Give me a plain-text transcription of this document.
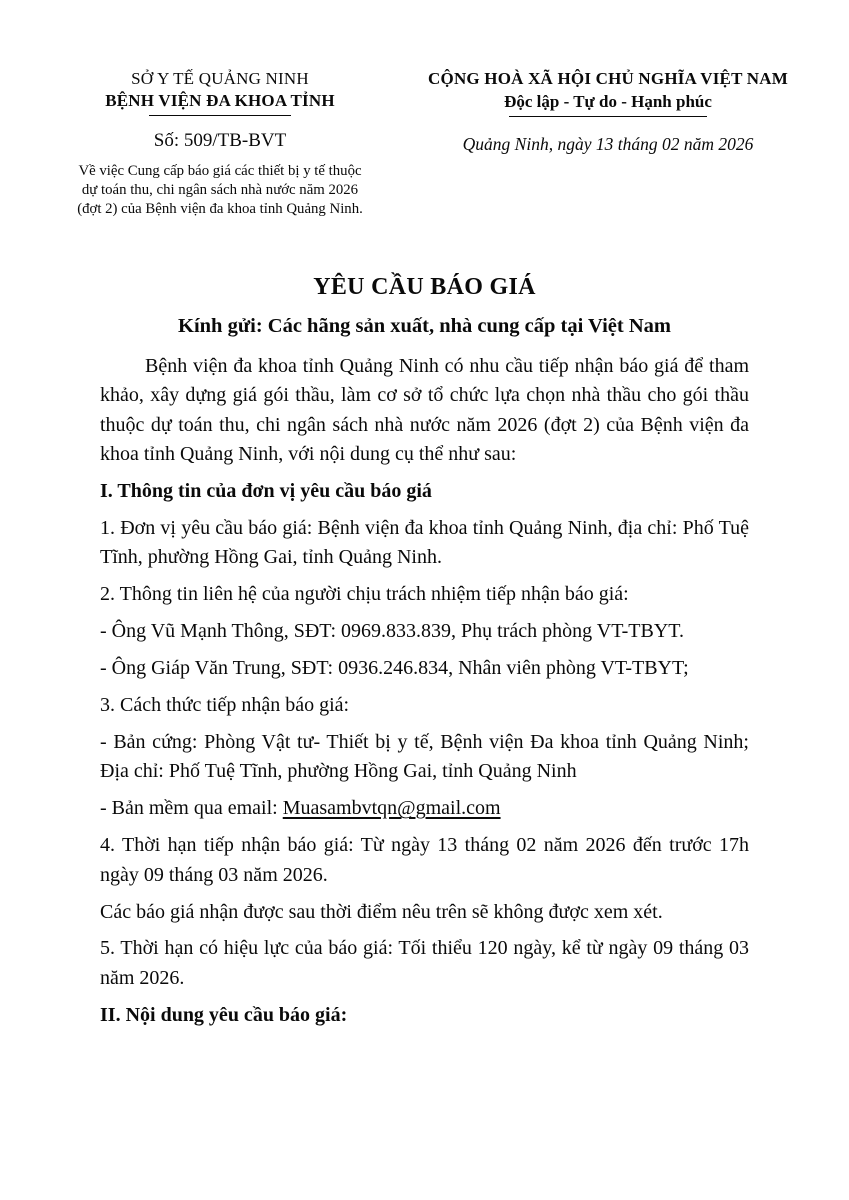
SỞ Y TẾ QUẢNG NINH
BỆNH VIỆN ĐA KHOA TỈNH
Số: 509/TB-BVT
Về việc Cung cấp báo giá các thiết bị y tế thuộc
dự toán thu, chi ngân sách nhà nước năm 2026
(đợt 2) của Bệnh viện đa khoa tỉnh Quảng Ninh.
CỘNG HOÀ XÃ HỘI CHỦ NGHĨA VIỆT NAM
Độc lập - Tự do - Hạnh phúc
Quảng Ninh, ngày 13 tháng 02 năm 2026
YÊU CẦU BÁO GIÁ
Kính gửi: Các hãng sản xuất, nhà cung cấp tại Việt Nam

Bệnh viện đa khoa tỉnh Quảng Ninh có nhu cầu tiếp nhận báo giá để tham khảo, xây dựng giá gói thầu, làm cơ sở tổ chức lựa chọn nhà thầu cho gói thầu thuộc dự toán thu, chi ngân sách nhà nước năm 2026 (đợt 2) của Bệnh viện đa khoa tỉnh Quảng Ninh, với nội dung cụ thể như sau:

I. Thông tin của đơn vị yêu cầu báo giá

1. Đơn vị yêu cầu báo giá: Bệnh viện đa khoa tỉnh Quảng Ninh, địa chỉ: Phố Tuệ Tĩnh, phường Hồng Gai, tỉnh Quảng Ninh.

2. Thông tin liên hệ của người chịu trách nhiệm tiếp nhận báo giá:

- Ông Vũ Mạnh Thông, SĐT: 0969.833.839, Phụ trách phòng VT-TBYT.

- Ông Giáp Văn Trung, SĐT: 0936.246.834, Nhân viên phòng VT-TBYT;

3. Cách thức tiếp nhận báo giá:

- Bản cứng: Phòng Vật tư- Thiết bị y tế, Bệnh viện Đa khoa tỉnh Quảng Ninh; Địa chỉ: Phố Tuệ Tĩnh, phường Hồng Gai, tỉnh Quảng Ninh

- Bản mềm qua email: Muasambvtqn@gmail.com

4. Thời hạn tiếp nhận báo giá: Từ ngày 13 tháng 02 năm 2026 đến trước 17h ngày 09 tháng 03 năm 2026.

Các báo giá nhận được sau thời điểm nêu trên sẽ không được xem xét.

5. Thời hạn có hiệu lực của báo giá: Tối thiểu 120 ngày, kể từ ngày 09 tháng 03 năm 2026.

II. Nội dung yêu cầu báo giá:
